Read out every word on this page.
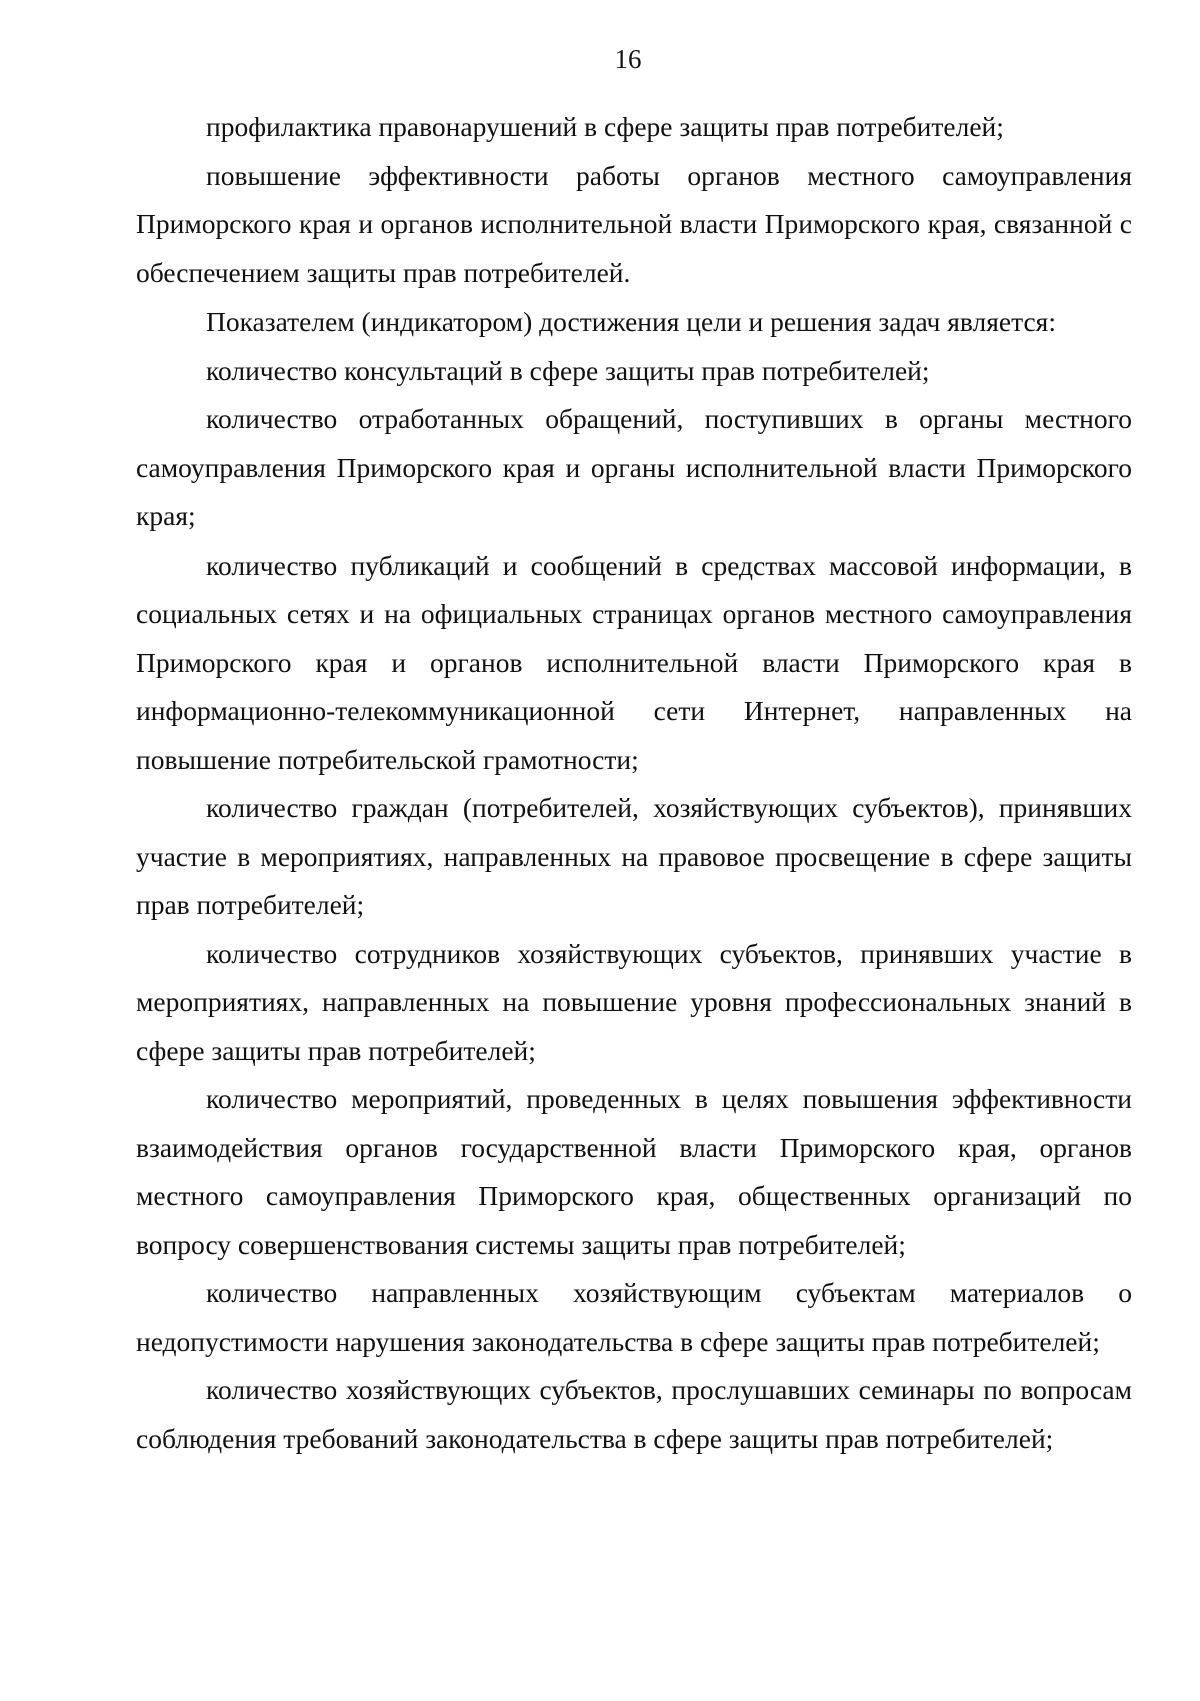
16

профилактика правонарушений в сфере защиты прав потребителей;

повышение эффективности работы органов местного самоуправления Приморского края и органов исполнительной власти Приморского края, связанной с обеспечением защиты прав потребителей.

Показателем (индикатором) достижения цели и решения задач является:

количество консультаций в сфере защиты прав потребителей;

количество отработанных обращений, поступивших в органы местного самоуправления Приморского края и органы исполнительной власти Приморского края;

количество публикаций и сообщений в средствах массовой информации, в социальных сетях и на официальных страницах органов местного самоуправления Приморского края и органов исполнительной власти Приморского края в информационно-телекоммуникационной сети Интернет, направленных на повышение потребительской грамотности;

количество граждан (потребителей, хозяйствующих субъектов), принявших участие в мероприятиях, направленных на правовое просвещение в сфере защиты прав потребителей;

количество сотрудников хозяйствующих субъектов, принявших участие в мероприятиях, направленных на повышение уровня профессиональных знаний в сфере защиты прав потребителей;

количество мероприятий, проведенных в целях повышения эффективности взаимодействия органов государственной власти Приморского края, органов местного самоуправления Приморского края, общественных организаций по вопросу совершенствования системы защиты прав потребителей;

количество направленных хозяйствующим субъектам материалов о недопустимости нарушения законодательства в сфере защиты прав потребителей;

количество хозяйствующих субъектов, прослушавших семинары по вопросам соблюдения требований законодательства в сфере защиты прав потребителей;
